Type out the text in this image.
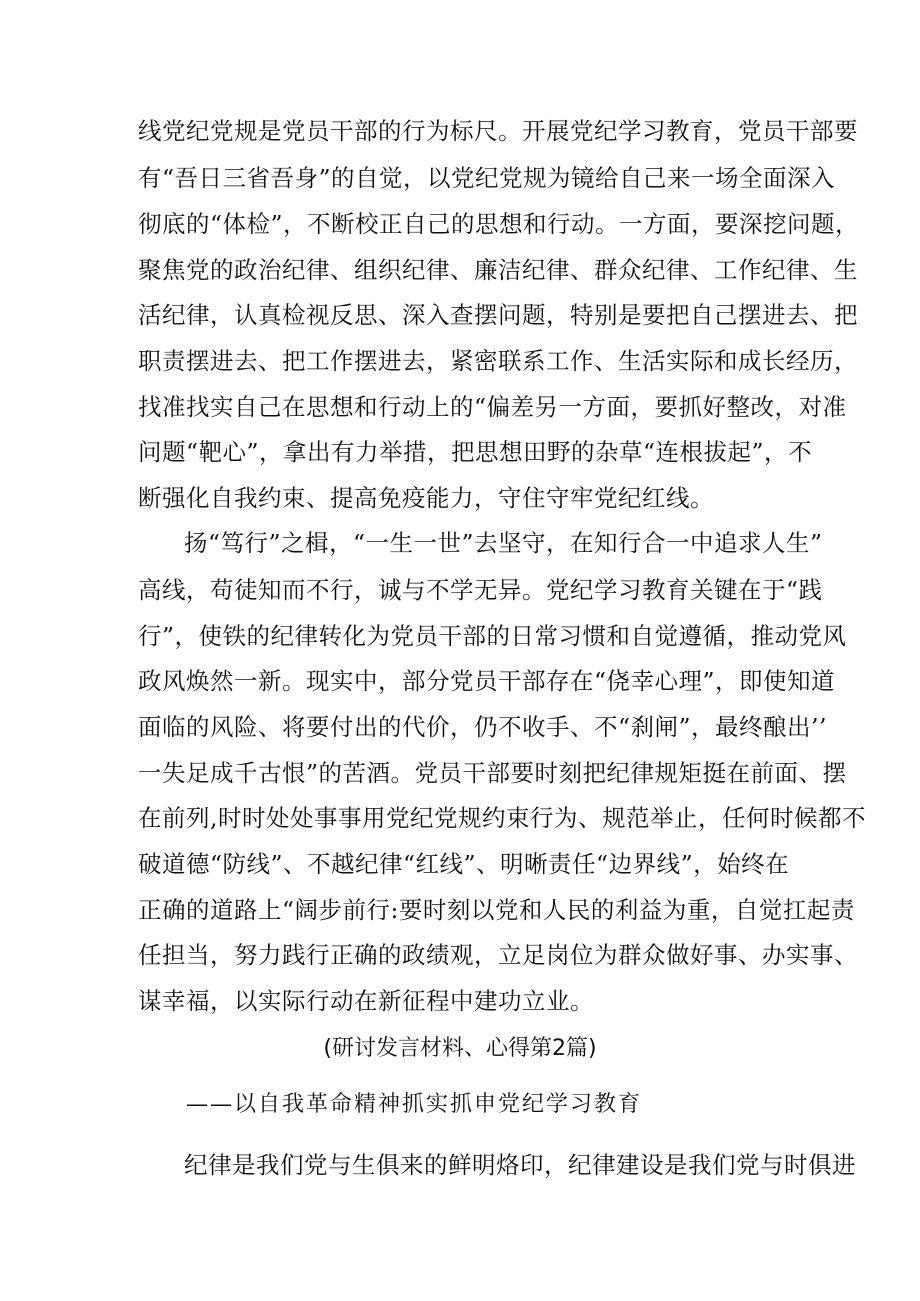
线党纪党规是党员干部的行为标尺。开展党纪学习教育，党员干部要
有“吾日三省吾身”的自觉，以党纪党规为镜给自己来一场全面深入
彻底的“体检”，不断校正自己的思想和行动。一方面，要深挖问题，
聚焦党的政治纪律、组织纪律、廉洁纪律、群众纪律、工作纪律、生
活纪律，认真检视反思、深入查摆问题，特别是要把自己摆进去、把
职责摆进去、把工作摆进去，紧密联系工作、生活实际和成长经历，
找准找实自己在思想和行动上的“偏差另一方面，要抓好整改，对准
问题“靶心”，拿出有力举措，把思想田野的杂草“连根拔起”，不
断强化自我约束、提高免疫能力，守住守牢党纪红线。
扬“笃行”之楫，“一生一世”去坚守，在知行合一中追求人生”
高线，苟徒知而不行，诚与不学无异。党纪学习教育关键在于“践
行”，使铁的纪律转化为党员干部的日常习惯和自觉遵循，推动党风
政风焕然一新。现实中，部分党员干部存在“侥幸心理”，即使知道
面临的风险、将要付出的代价，仍不收手、不“刹闸”，最终酿出’’
一失足成千古恨”的苦酒。党员干部要时刻把纪律规矩挺在前面、摆
在前列,时时处处事事用党纪党规约束行为、规范举止，任何时候都不
破道德“防线”、不越纪律“红线”、明晰责任“边界线”，始终在
正确的道路上“阔步前行:要时刻以党和人民的利益为重，自觉扛起责
任担当，努力践行正确的政绩观，立足岗位为群众做好事、办实事、
谋幸福，以实际行动在新征程中建功立业。
(研讨发言材料、心得第2篇)
——以自我革命精神抓实抓申党纪学习教育
纪律是我们党与生俱来的鲜明烙印，纪律建设是我们党与时俱进
